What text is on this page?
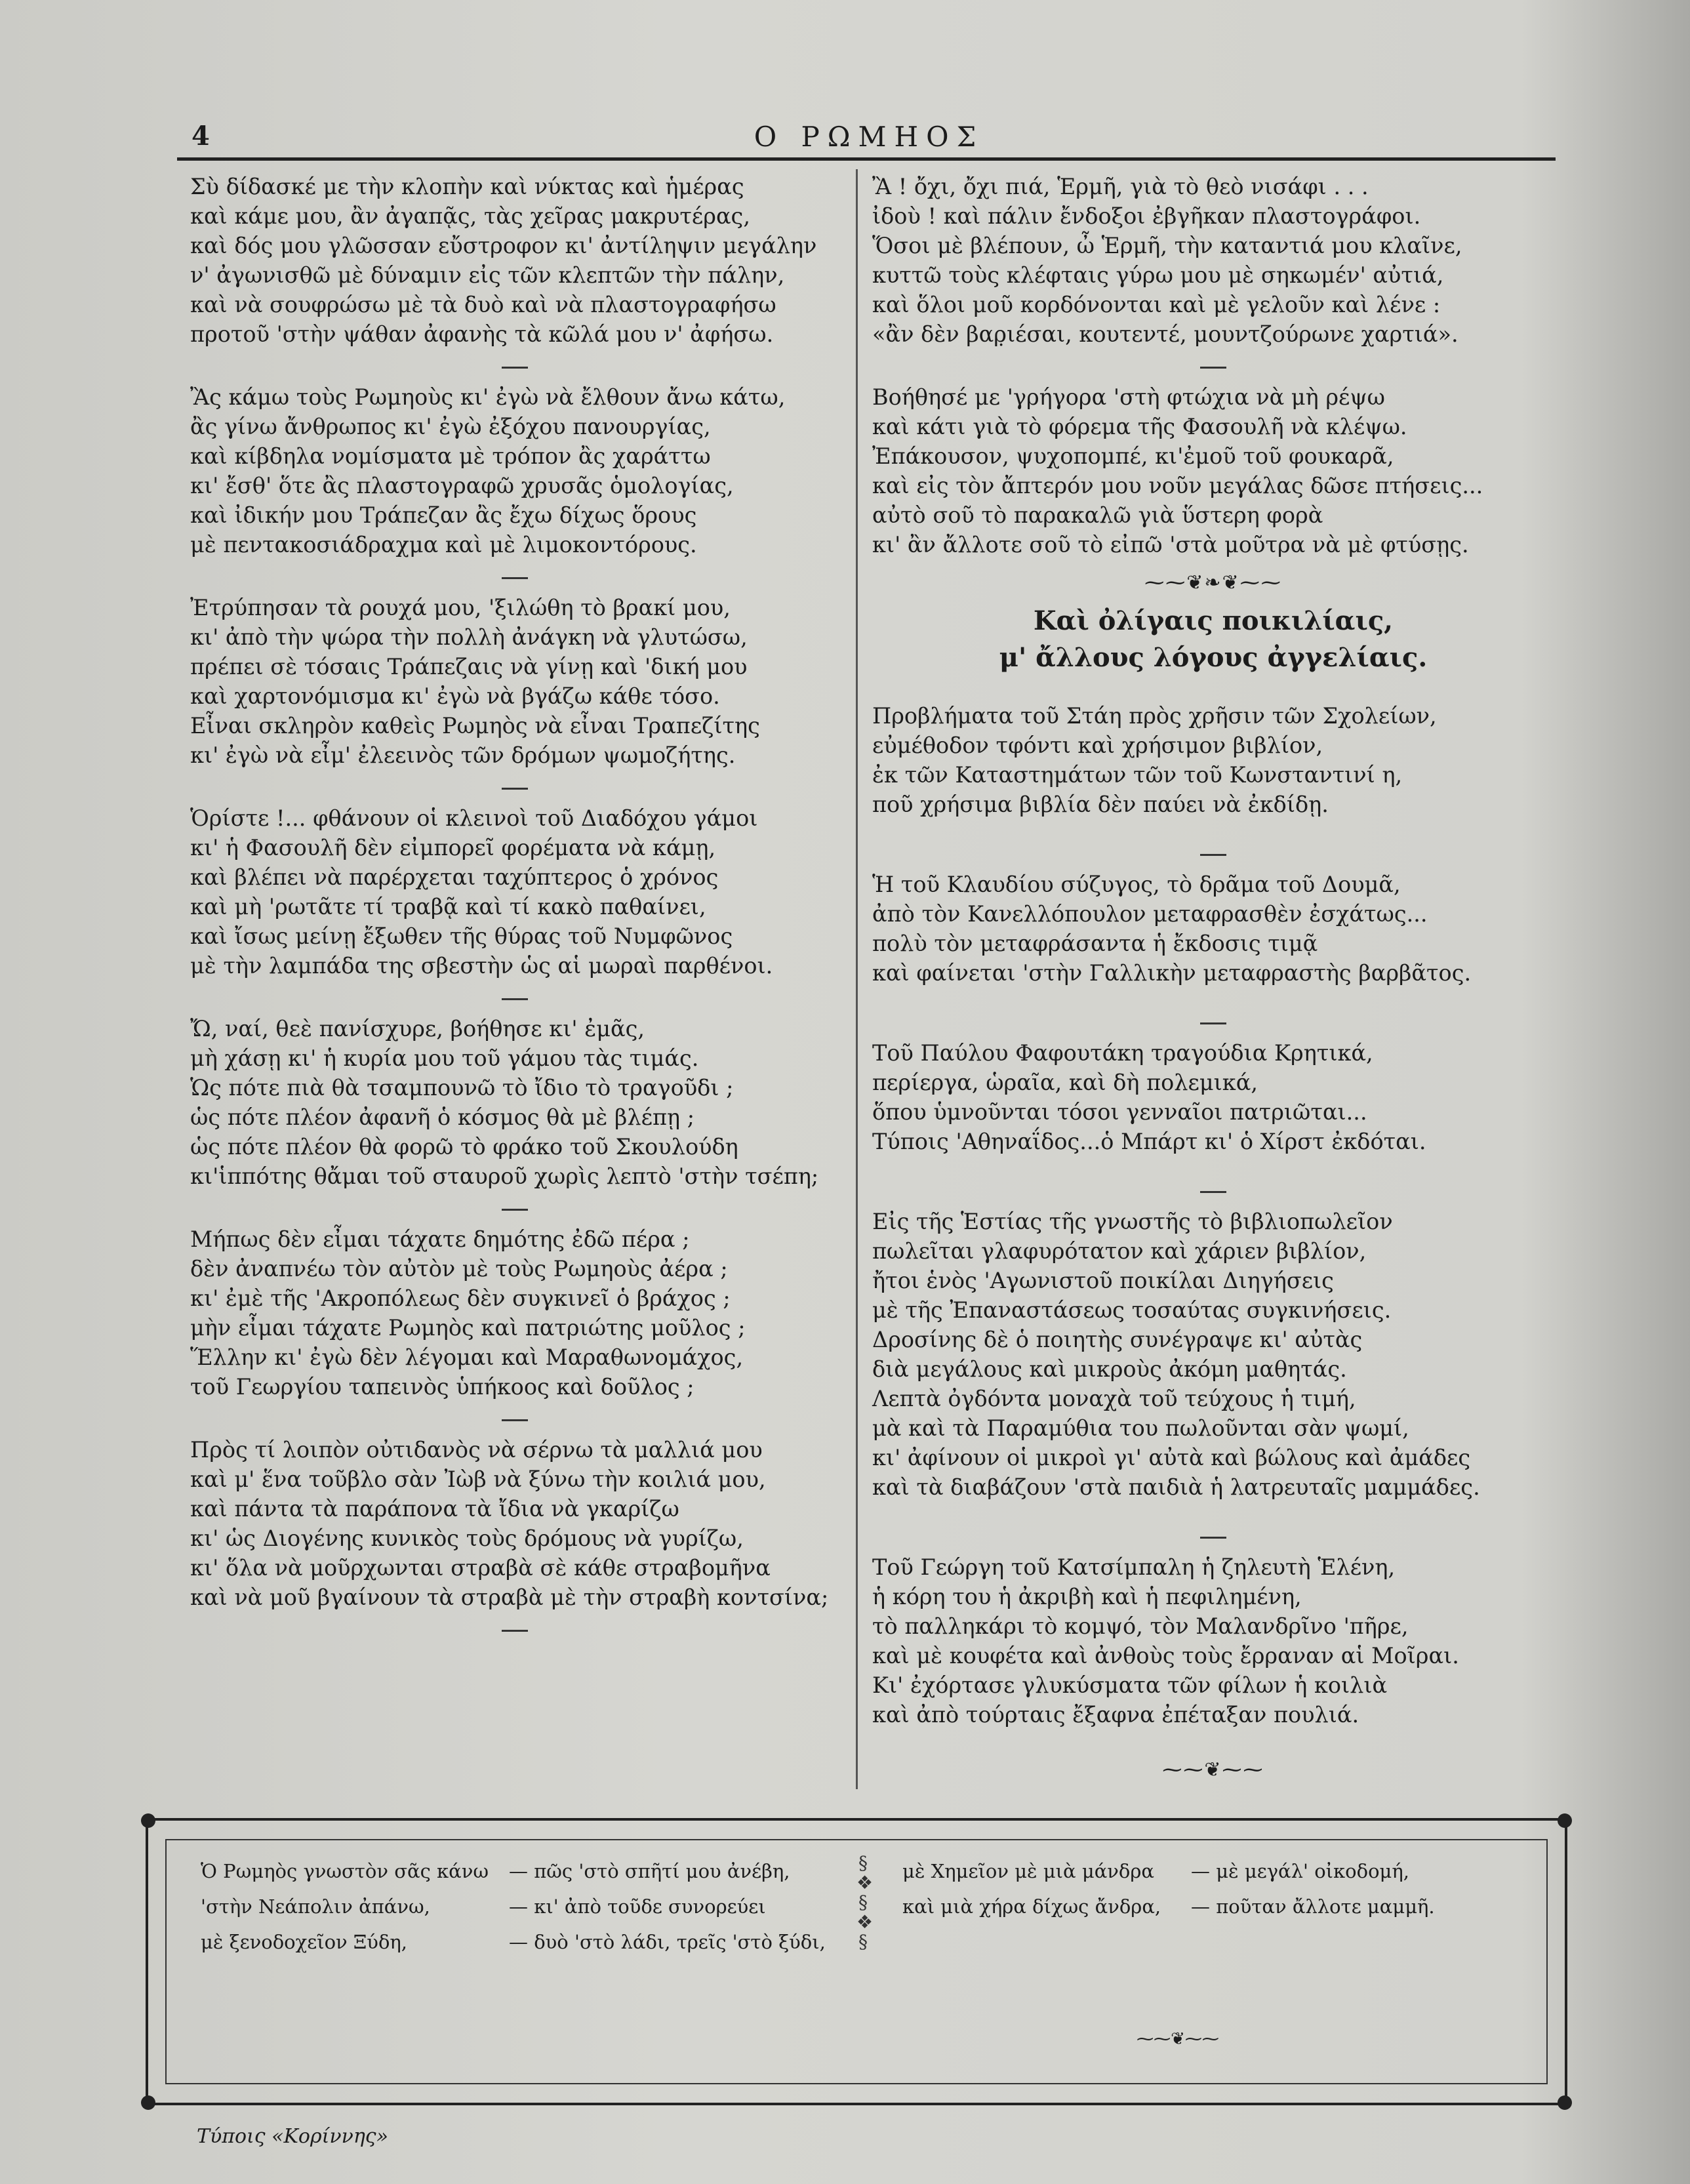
4	Ο ΡΩΜΗΟΣ
Σὺ δίδασκέ με τὴν κλοπὴν καὶ νύκτας καὶ ἡμέρας
καὶ κάμε μου, ἂν ἀγαπᾷς, τὰς χεῖρας μακρυτέρας,
καὶ δός μου γλῶσσαν εὔστροφον κι' ἀντίληψιν μεγάλην
ν' ἀγωνισθῶ μὲ δύναμιν εἰς τῶν κλεπτῶν τὴν πάλην,
καὶ νὰ σουφρώσω μὲ τὰ δυὸ καὶ νὰ πλαστογραφήσω
προτοῦ 'στὴν ψάθαν ἀφανὴς τὰ κῶλά μου ν' ἀφήσω.
Ἂς κάμω τοὺς Ρωμηοὺς κι' ἐγὼ νὰ ἔλθουν ἄνω κάτω,
ἂς γίνω ἄνθρωπος κι' ἐγὼ ἐξόχου πανουργίας,
καὶ κίβδηλα νομίσματα μὲ τρόπον ἂς χαράττω
κι' ἔσθ' ὅτε ἂς πλαστογραφῶ χρυσᾶς ὁμολογίας,
καὶ ἰδικήν μου Τράπεζαν ἂς ἔχω δίχως ὅρους
μὲ πεντακοσιάδραχμα καὶ μὲ λιμοκοντόρους.
Ἐτρύπησαν τὰ ρουχά μου, 'ξιλώθη τὸ βρακί μου,
κι' ἀπὸ τὴν ψώρα τὴν πολλὴ ἀνάγκη νὰ γλυτώσω,
πρέπει σὲ τόσαις Τράπεζαις νὰ γίνῃ καὶ 'δική μου
καὶ χαρτονόμισμα κι' ἐγὼ νὰ βγάζω κάθε τόσο.
Εἶναι σκληρὸν καθεὶς Ρωμηὸς νὰ εἶναι Τραπεζίτης
κι' ἐγὼ νὰ εἶμ' ἐλεεινὸς τῶν δρόμων ψωμοζήτης.
Ὁρίστε !... φθάνουν οἱ κλεινοὶ τοῦ Διαδόχου γάμοι
κι' ἡ Φασουλῆ δὲν εἰμπορεῖ φορέματα νὰ κάμῃ,
καὶ βλέπει νὰ παρέρχεται ταχύπτερος ὁ χρόνος
καὶ μὴ 'ρωτᾶτε τί τραβᾷ καὶ τί κακὸ παθαίνει,
καὶ ἴσως μείνῃ ἔξωθεν τῆς θύρας τοῦ Νυμφῶνος
μὲ τὴν λαμπάδα της σβεστὴν ὡς αἱ μωραὶ παρθένοι.
Ὤ, ναί, θεὲ πανίσχυρε, βοήθησε κι' ἐμᾶς,
μὴ χάσῃ κι' ἡ κυρία μου τοῦ γάμου τὰς τιμάς.
Ὡς πότε πιὰ θὰ τσαμπουνῶ τὸ ἴδιο τὸ τραγοῦδι ;
ὡς πότε πλέον ἀφανῆ ὁ κόσμος θὰ μὲ βλέπῃ ;
ὡς πότε πλέον θὰ φορῶ τὸ φράκο τοῦ Σκουλούδη
κι'ἱππότης θἄμαι τοῦ σταυροῦ χωρὶς λεπτὸ 'στὴν τσέπη;
Μήπως δὲν εἶμαι τάχατε δημότης ἐδῶ πέρα ;
δὲν ἀναπνέω τὸν αὐτὸν μὲ τοὺς Ρωμηοὺς ἀέρα ;
κι' ἐμὲ τῆς 'Ακροπόλεως δὲν συγκινεῖ ὁ βράχος ;
μὴν εἶμαι τάχατε Ρωμηὸς καὶ πατριώτης μοῦλος ;
Ἕλλην κι' ἐγὼ δὲν λέγομαι καὶ Μαραθωνομάχος,
τοῦ Γεωργίου ταπεινὸς ὑπήκοος καὶ δοῦλος ;
Πρὸς τί λοιπὸν οὐτιδανὸς νὰ σέρνω τὰ μαλλιά μου
καὶ μ' ἕνα τοῦβλο σὰν Ἰὼβ νὰ ξύνω τὴν κοιλιά μου,
καὶ πάντα τὰ παράπονα τὰ ἴδια νὰ γκαρίζω
κι' ὡς Διογένης κυνικὸς τοὺς δρόμους νὰ γυρίζω,
κι' ὅλα νὰ μοῦρχωνται στραβὰ σὲ κάθε στραβομῆνα
καὶ νὰ μοῦ βγαίνουν τὰ στραβὰ μὲ τὴν στραβὴ κοντσίνα;
Ἂ ! ὄχι, ὄχι πιά, Ἑρμῆ, γιὰ τὸ θεὸ νισάφι . . .
ἰδοὺ ! καὶ πάλιν ἔνδοξοι ἐβγῆκαν πλαστογράφοι.
Ὅσοι μὲ βλέπουν, ὦ Ἑρμῆ, τὴν καταντιά μου κλαῖνε,
κυττῶ τοὺς κλέφταις γύρω μου μὲ σηκωμέν' αὐτιά,
καὶ ὅλοι μοῦ κορδόνονται καὶ μὲ γελοῦν καὶ λένε :
«ἂν δὲν βαρ̣ιέσαι, κουτεντέ, μουντζούρωνε χαρτιά».
Βοήθησέ με 'γρήγορα 'στὴ φτώχια νὰ μὴ ρέψω
καὶ κάτι γιὰ τὸ φόρεμα τῆς Φασουλῆ νὰ κλέψω.
Ἐπάκουσον, ψυχοπομπέ, κι'ἐμοῦ τοῦ φουκαρᾶ,
καὶ εἰς τὸν ἄπτερόν μου νοῦν μεγάλας δῶσε πτήσεις...
αὐτὸ σοῦ τὸ παρακαλῶ γιὰ ὕστερη φορὰ
κι' ἂν ἄλλοτε σοῦ τὸ εἰπῶ 'στὰ μοῦτρα νὰ μὲ φτύσῃς.
⁓⁓❦❧❦⁓⁓
Καὶ ὀλίγαις ποικιλίαις,
μ' ἄλλους λόγους ἀγγελίαις.
Προβλήματα τοῦ Στάη πρὸς χρῆσιν τῶν Σχολείων,
εὐμέθοδον τφόντι καὶ χρήσιμον βιβλίον,
ἐκ τῶν Καταστημάτων τῶν τοῦ Κωνσταντινί η,
ποῦ χρήσιμα βιβλία δὲν παύει νὰ ἐκδίδῃ.
Ἡ τοῦ Κλαυδίου σύζυγος, τὸ δρᾶμα τοῦ Δουμᾶ,
ἀπὸ τὸν Κανελλόπουλον μεταφρασθὲν ἐσχάτως...
πολὺ τὸν μεταφράσαντα ἡ ἔκδοσις τιμᾷ
καὶ φαίνεται 'στὴν Γαλλικὴν μεταφραστὴς βαρβᾶτος.
Τοῦ Παύλου Φαφουτάκη τραγούδια Κρητικά,
περίεργα, ὡραῖα, καὶ δὴ πολεμικά,
ὅπου ὑμνοῦνται τόσοι γενναῖοι πατριῶται...
Τύποις 'Αθηναΐδος...ὁ Μπάρτ κι' ὁ Χίρστ ἐκδόται.
Εἰς τῆς Ἑστίας τῆς γνωστῆς τὸ βιβλιοπωλεῖον
πωλεῖται γλαφυρότατον καὶ χάριεν βιβλίον,
ἤτοι ἑνὸς 'Αγωνιστοῦ ποικίλαι Διηγήσεις
μὲ τῆς Ἐπαναστάσεως τοσαύτας συγκινήσεις.
Δροσίνης δὲ ὁ ποιητὴς συνέγραψε κι' αὐτὰς
διὰ μεγάλους καὶ μικροὺς ἀκόμη μαθητάς.
Λεπτὰ ὀγδόντα μοναχὰ τοῦ τεύχους ἡ τιμή,
μὰ καὶ τὰ Παραμύθια του πωλοῦνται σὰν ψωμί,
κι' ἀφίνουν οἱ μικροὶ γι' αὐτὰ καὶ βώλους καὶ ἀμάδες
καὶ τὰ διαβάζουν 'στὰ παιδιὰ ἡ λατρευταῖς μαμμάδες.
Τοῦ Γεώργη τοῦ Κατσίμπαλη ἡ ζηλευτὴ Ἑλένη,
ἡ κόρη του ἡ ἀκριβὴ καὶ ἡ πεφιλημένη,
τὸ παλληκάρι τὸ κομψό, τὸν Μαλανδρῖνο 'πῆρε,
καὶ μὲ κουφέτα καὶ ἀνθοὺς τοὺς ἔρραναν αἱ Μοῖραι.
Κι' ἐχόρτασε γλυκύσματα τῶν φίλων ἡ κοιλιὰ
καὶ ἀπὸ τούρταις ἔξαφνα ἐπέταξαν πουλιά.
⁓⁓❦⁓⁓
Ὁ Ρωμηὸς γνωστὸν σᾶς κάνω — πῶς 'στὸ σπῆτί μου ἀνέβη,
'στὴν Νεάπολιν ἀπάνω,	— κι' ἀπὸ τοῦδε συνορεύει
μὲ ξενοδοχεῖον Ξύδη,	— δυὸ 'στὸ λάδι, τρεῖς 'στὸ ξύδι,
§
❖
§
❖
§
μὲ Χημεῖον μὲ μιὰ μάνδρα — μὲ μεγάλ' οἰκοδομή,
καὶ μιὰ χήρα δίχως ἄνδρα, — ποῦταν ἄλλοτε μαμμῆ.
⁓⁓❦⁓⁓
Τύποις «Κορίννης»
